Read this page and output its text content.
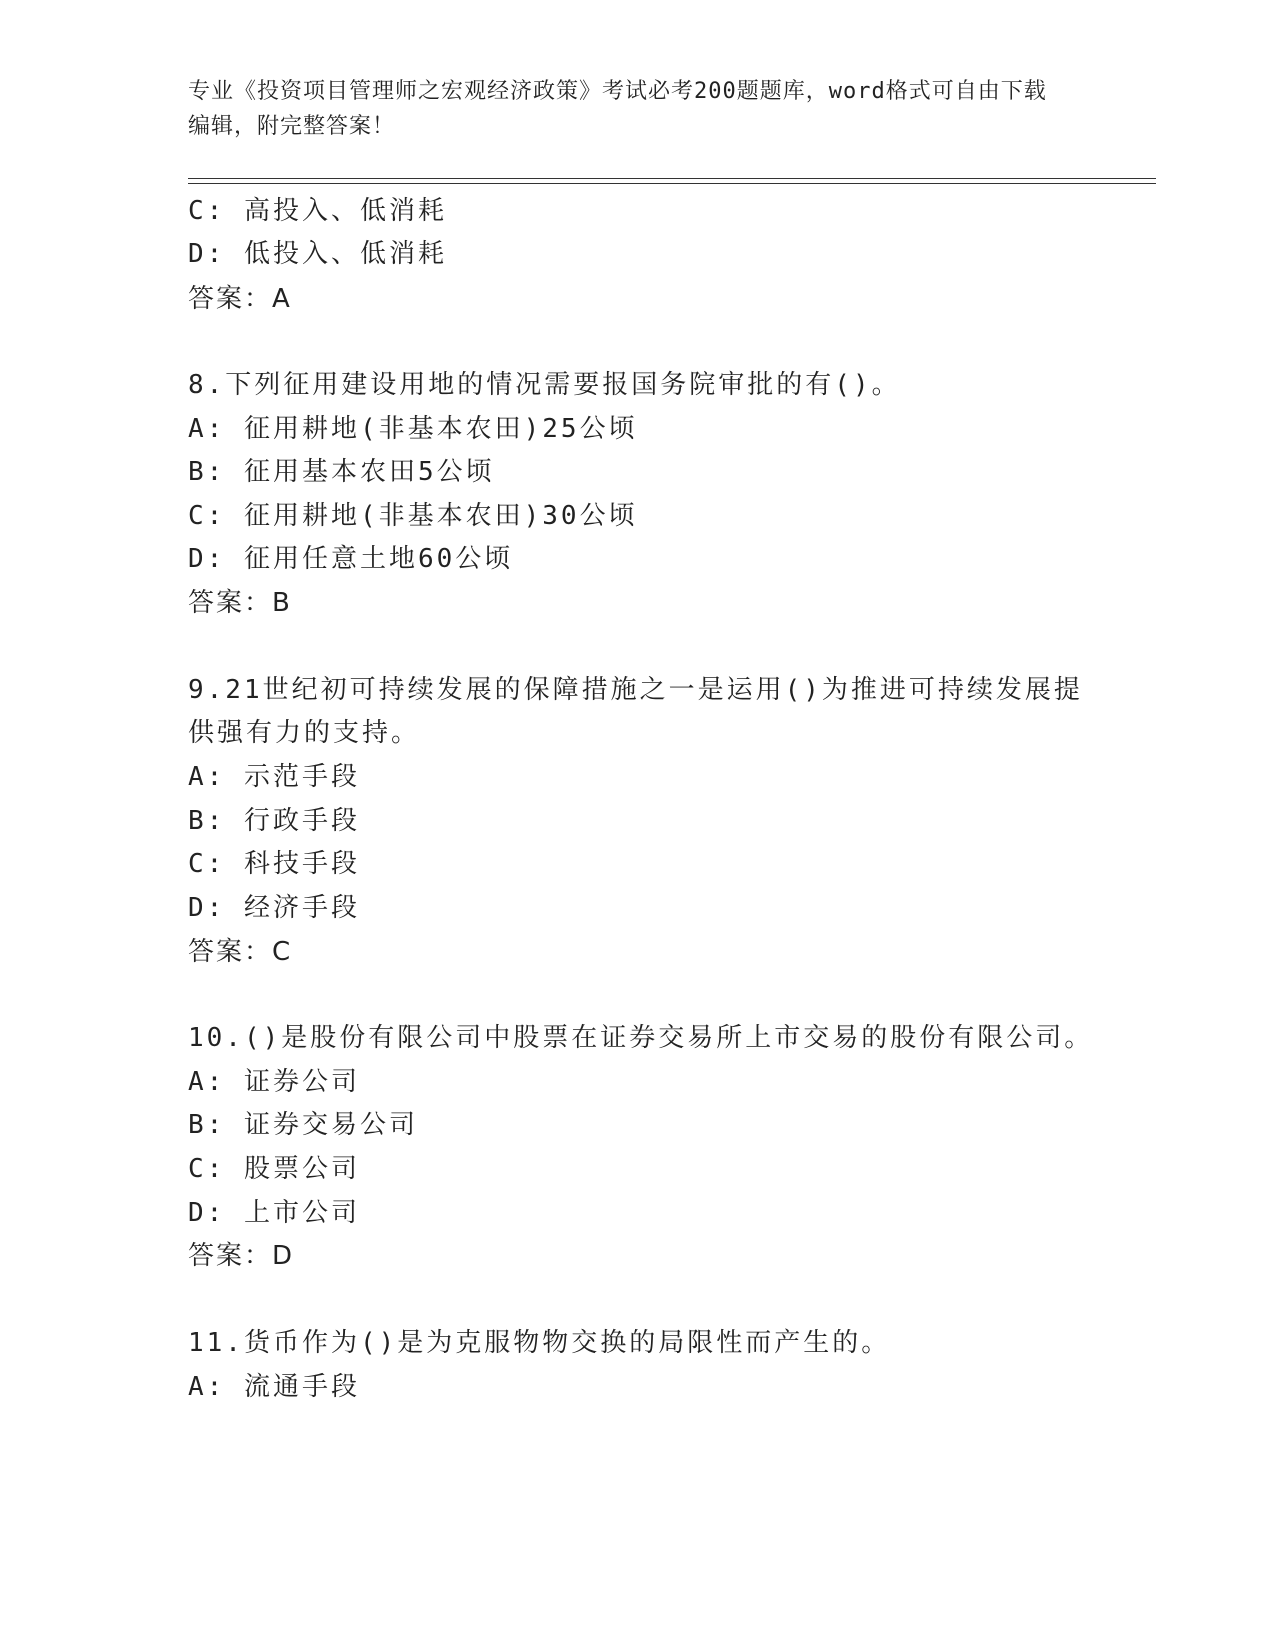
专业《投资项目管理师之宏观经济政策》考试必考200题题库，word格式可自由下载编辑，附完整答案！
C: 高投入、低消耗
D: 低投入、低消耗
答案：A
8.下列征用建设用地的情况需要报国务院审批的有()。
A: 征用耕地(非基本农田)25公顷
B: 征用基本农田5公顷
C: 征用耕地(非基本农田)30公顷
D: 征用任意土地60公顷
答案：B
9.21世纪初可持续发展的保障措施之一是运用()为推进可持续发展提
供强有力的支持。
A: 示范手段
B: 行政手段
C: 科技手段
D: 经济手段
答案：C
10.()是股份有限公司中股票在证券交易所上市交易的股份有限公司。
A: 证券公司
B: 证券交易公司
C: 股票公司
D: 上市公司
答案：D
11.货币作为()是为克服物物交换的局限性而产生的。
A: 流通手段
